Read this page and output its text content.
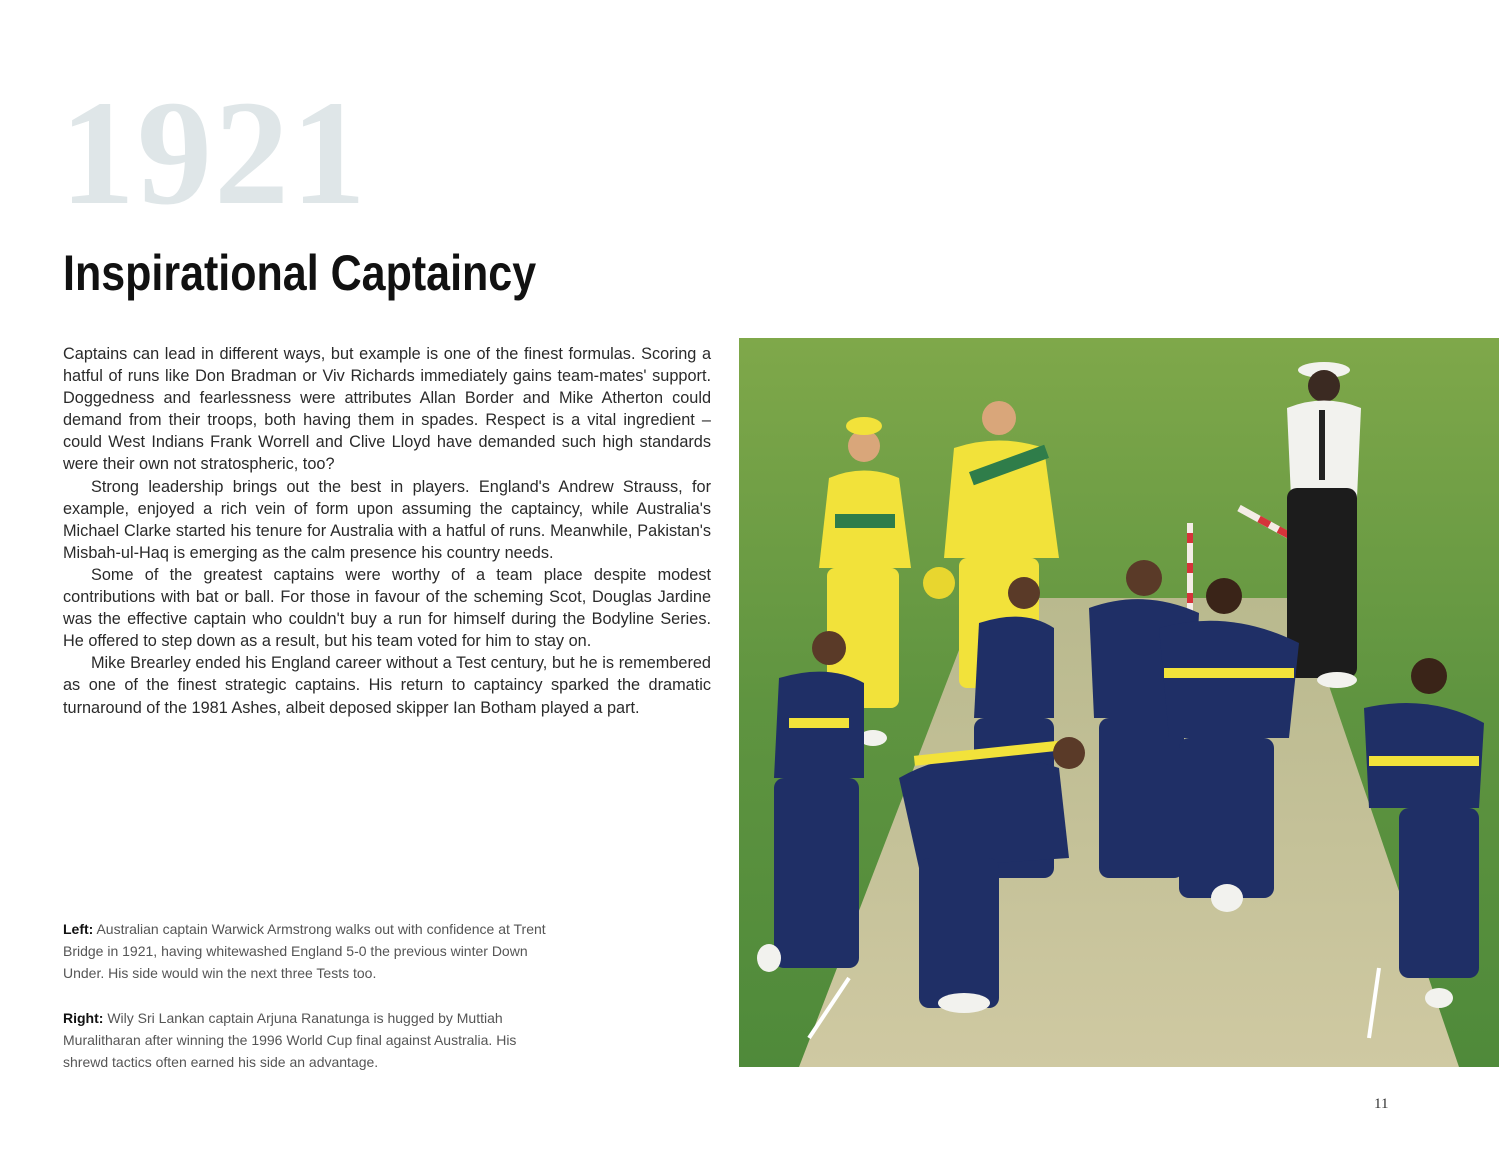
1921
Inspirational Captaincy

Captains can lead in different ways, but example is one of the finest formulas. Scoring a hatful of runs like Don Bradman or Viv Richards immediately gains team-mates' support. Doggedness and fearlessness were attributes Allan Border and Mike Atherton could demand from their troops, both having them in spades. Respect is a vital ingredient – could West Indians Frank Worrell and Clive Lloyd have demanded such high standards were their own not stratospheric, too?

Strong leadership brings out the best in players. England's Andrew Strauss, for example, enjoyed a rich vein of form upon assuming the captaincy, while Australia's Michael Clarke started his tenure for Australia with a hatful of runs. Meanwhile, Pakistan's Misbah-ul-Haq is emerging as the calm presence his country needs.

Some of the greatest captains were worthy of a team place despite modest contributions with bat or ball. For those in favour of the scheming Scot, Douglas Jardine was the effective captain who couldn't buy a run for himself during the Bodyline Series. He offered to step down as a result, but his team voted for him to stay on.

Mike Brearley ended his England career without a Test century, but he is remembered as one of the finest strategic captains. His return to captaincy sparked the dramatic turnaround of the 1981 Ashes, albeit deposed skipper Ian Botham played a part.

Left: Australian captain Warwick Armstrong walks out with confidence at Trent Bridge in 1921, having whitewashed England 5-0 the previous winter Down Under. His side would win the next three Tests too.
Right: Wily Sri Lankan captain Arjuna Ranatunga is hugged by Muttiah Muralitharan after winning the 1996 World Cup final against Australia. His shrewd tactics often earned his side an advantage.
11
